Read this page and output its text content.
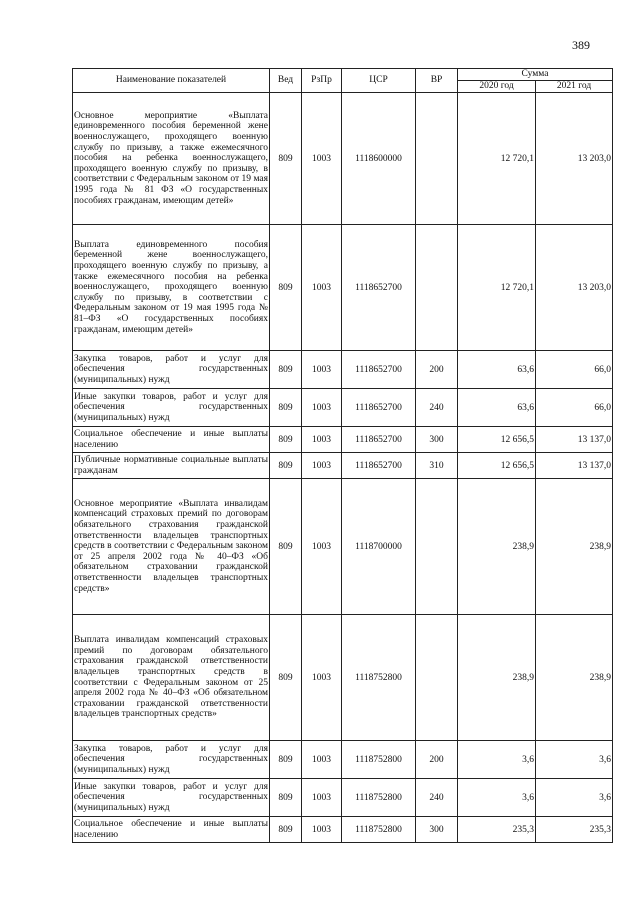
389
Наименование показателей	Вед	РзПр	ЦСР	ВР	Сумма	
					2020 год	2021 год
Основное мероприятие «Выплата единовременного пособия беременной жене военнослужащего, проходящего военную службу по призыву, а также ежемесячного пособия на ребенка военнослужащего, проходящего военную службу по призыву, в соответствии с Федеральным законом от 19 мая 1995 года № 81 ФЗ «О государственных пособиях гражданам, имеющим детей»	809	1003	1118600000		12 720,1	13 203,0
Выплата единовременного пособия беременной жене военнослужащего, проходящего военную службу по призыву, а также ежемесячного пособия на ребенка военнослужащего, проходящего военную службу по призыву, в соответствии с Федеральным законом от 19 мая 1995 года № 81–ФЗ «О государственных пособиях гражданам, имеющим детей»	809	1003	1118652700		12 720,1	13 203,0
Закупка товаров, работ и услуг для обеспечения государственных (муниципальных) нужд	809	1003	1118652700	200	63,6	66,0
Иные закупки товаров, работ и услуг для обеспечения государственных (муниципальных) нужд	809	1003	1118652700	240	63,6	66,0
Социальное обеспечение и иные выплаты населению	809	1003	1118652700	300	12 656,5	13 137,0
Публичные нормативные социальные выплаты гражданам	809	1003	1118652700	310	12 656,5	13 137,0
Основное мероприятие «Выплата инвалидам компенсаций страховых премий по договорам обязательного страхования гражданской ответственности владельцев транспортных средств в соответствии с Федеральным законом от 25 апреля 2002 года № 40–ФЗ «Об обязательном страховании гражданской ответственности владельцев транспортных средств»	809	1003	1118700000		238,9	238,9
Выплата инвалидам компенсаций страховых премий по договорам обязательного страхования гражданской ответственности владельцев транспортных средств в соответствии с Федеральным законом от 25 апреля 2002 года № 40–ФЗ «Об обязательном страховании гражданской ответственности владельцев транспортных средств»	809	1003	1118752800		238,9	238,9
Закупка товаров, работ и услуг для обеспечения государственных (муниципальных) нужд	809	1003	1118752800	200	3,6	3,6
Иные закупки товаров, работ и услуг для обеспечения государственных (муниципальных) нужд	809	1003	1118752800	240	3,6	3,6
Социальное обеспечение и иные выплаты населению	809	1003	1118752800	300	235,3	235,3
